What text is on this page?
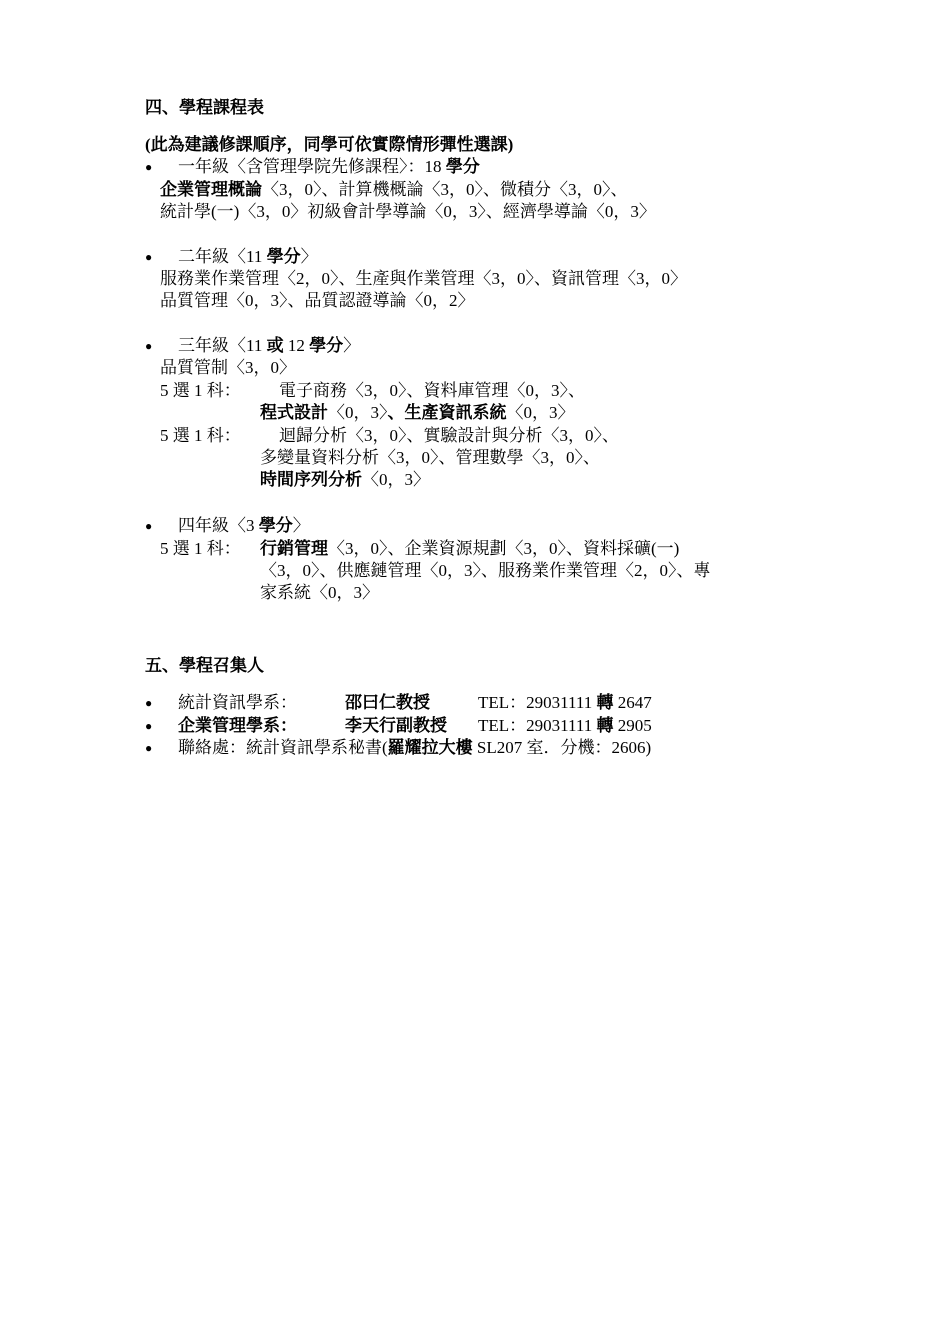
四、學程課程表
(此為建議修課順序，同學可依實際情形彈性選課)
● 一年級〈含管理學院先修課程〉：18 學分
企業管理概論〈3，0〉、計算機概論〈3，0〉、微積分〈3，0〉、
統計學(一)〈3，0〉初級會計學導論〈0，3〉、經濟學導論〈0，3〉
● 二年級〈11 學分〉
服務業作業管理〈2，0〉、生產與作業管理〈3，0〉、資訊管理〈3，0〉
品質管理〈0，3〉、品質認證導論〈0，2〉
● 三年級〈11 或 12 學分〉
品質管制〈3，0〉
5 選 1 科： 電子商務〈3，0〉、資料庫管理〈0，3〉、
程式設計〈0，3〉、生產資訊系統〈0，3〉
5 選 1 科： 迴歸分析〈3，0〉、實驗設計與分析〈3，0〉、
多變量資料分析〈3，0〉、管理數學〈3，0〉、
時間序列分析〈0，3〉
● 四年級〈3 學分〉
5 選 1 科： 行銷管理〈3，0〉、企業資源規劃〈3，0〉、資料採礦(一)
〈3，0〉、供應鏈管理〈0，3〉、服務業作業管理〈2，0〉、專
家系統〈0，3〉
五、學程召集人
● 統計資訊學系：	邵曰仁教授	TEL：29031111 轉 2647
● 企業管理學系：	李天行副教授 TEL：29031111 轉 2905
● 聯絡處：統計資訊學系秘書(羅耀拉大樓 SL207 室．分機：2606)
